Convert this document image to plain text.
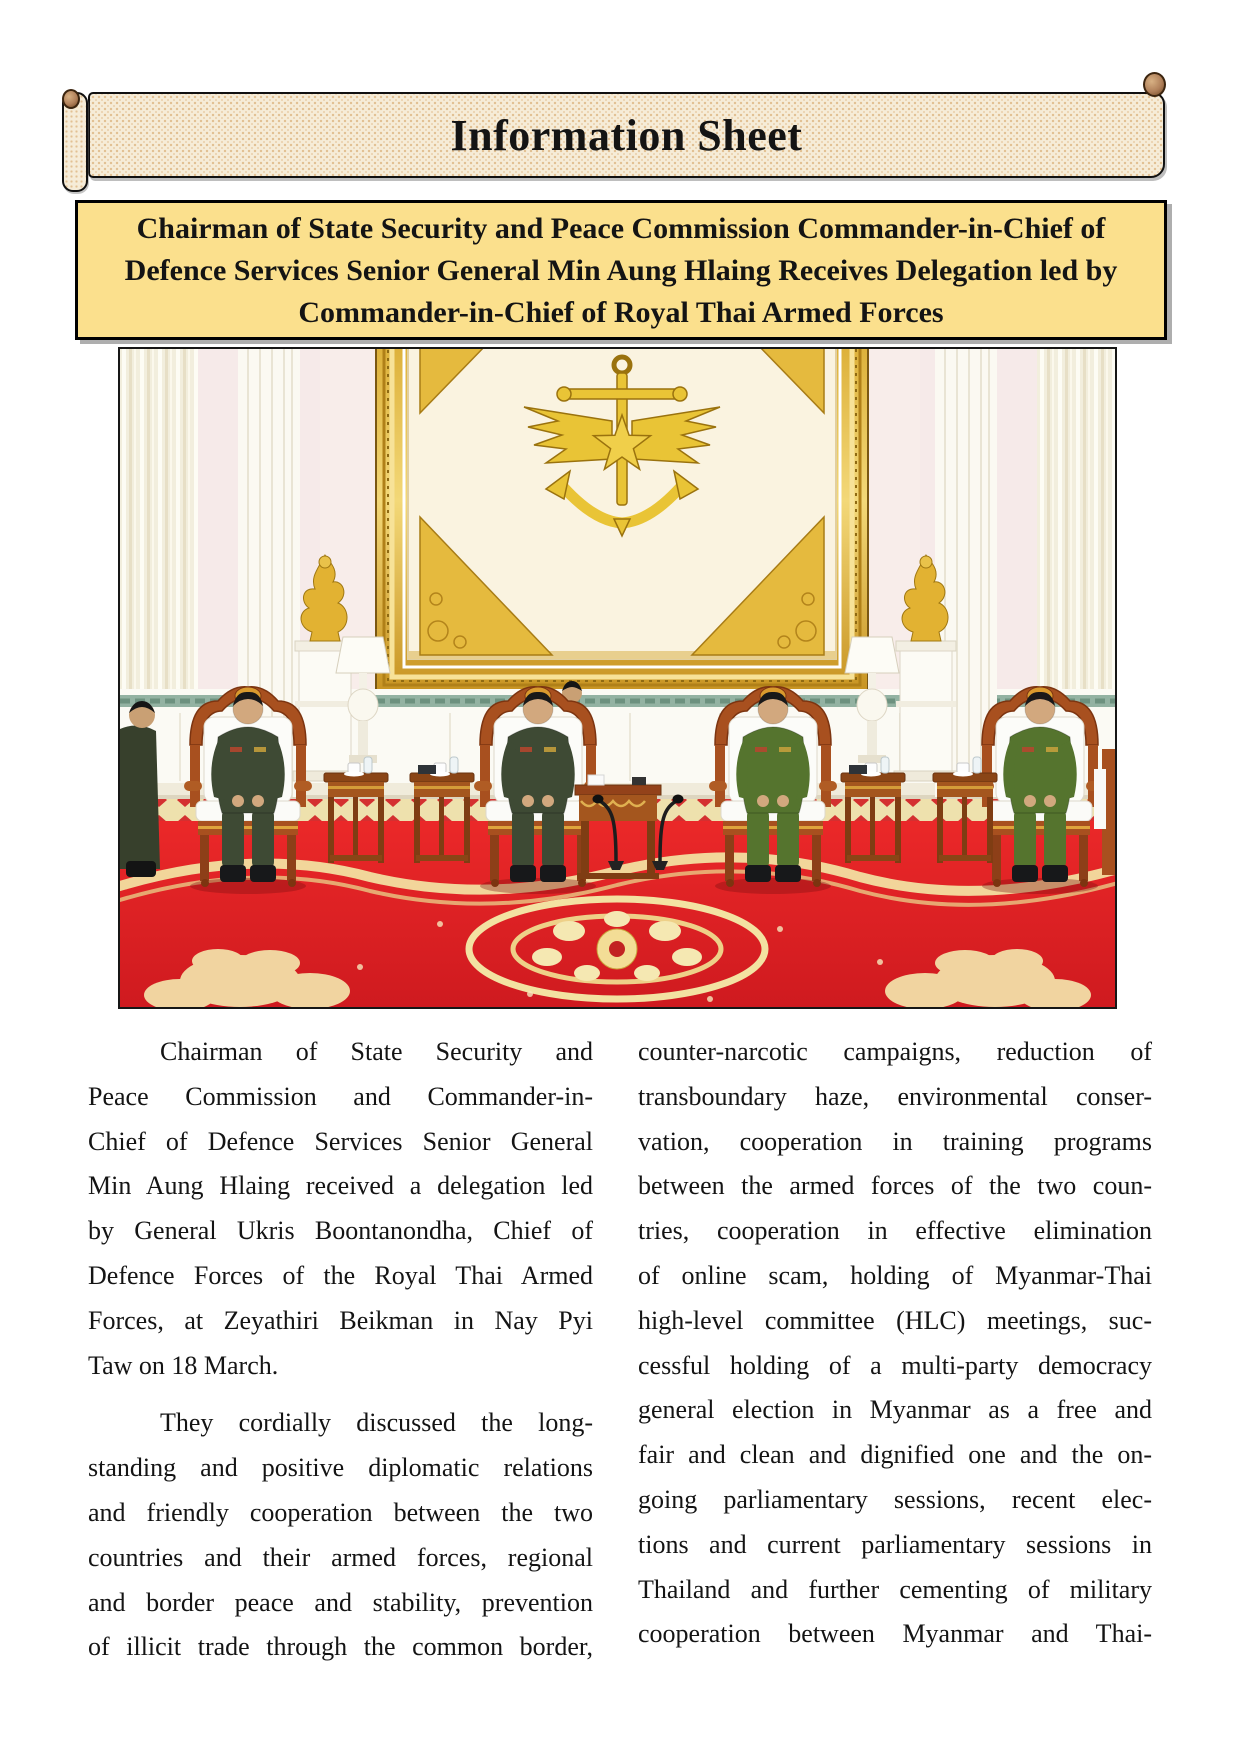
Information Sheet
Chairman of State Security and Peace Commission Commander-in-Chief of
Defence Services Senior General Min Aung Hlaing Receives Delegation led by
Commander-in-Chief of Royal Thai Armed Forces
Chairman of State Security and
Peace Commission and Commander-in-
Chief of Defence Services Senior General
Min Aung Hlaing received a delegation led
by General Ukris Boontanondha, Chief of
Defence Forces of the Royal Thai Armed
Forces, at Zeyathiri Beikman in Nay Pyi
Taw on 18 March.
They cordially discussed the long-
standing and positive diplomatic relations
and friendly cooperation between the two
countries and their armed forces, regional
and border peace and stability, prevention
of illicit trade through the common border,
counter-narcotic campaigns, reduction of
transboundary haze, environmental conser-
vation, cooperation in training programs
between the armed forces of the two coun-
tries, cooperation in effective elimination
of online scam, holding of Myanmar-Thai
high-level committee (HLC) meetings, suc-
cessful holding of a multi-party democracy
general election in Myanmar as a free and
fair and clean and dignified one and the on-
going parliamentary sessions, recent elec-
tions and current parliamentary sessions in
Thailand and further cementing of military
cooperation between Myanmar and Thai-
